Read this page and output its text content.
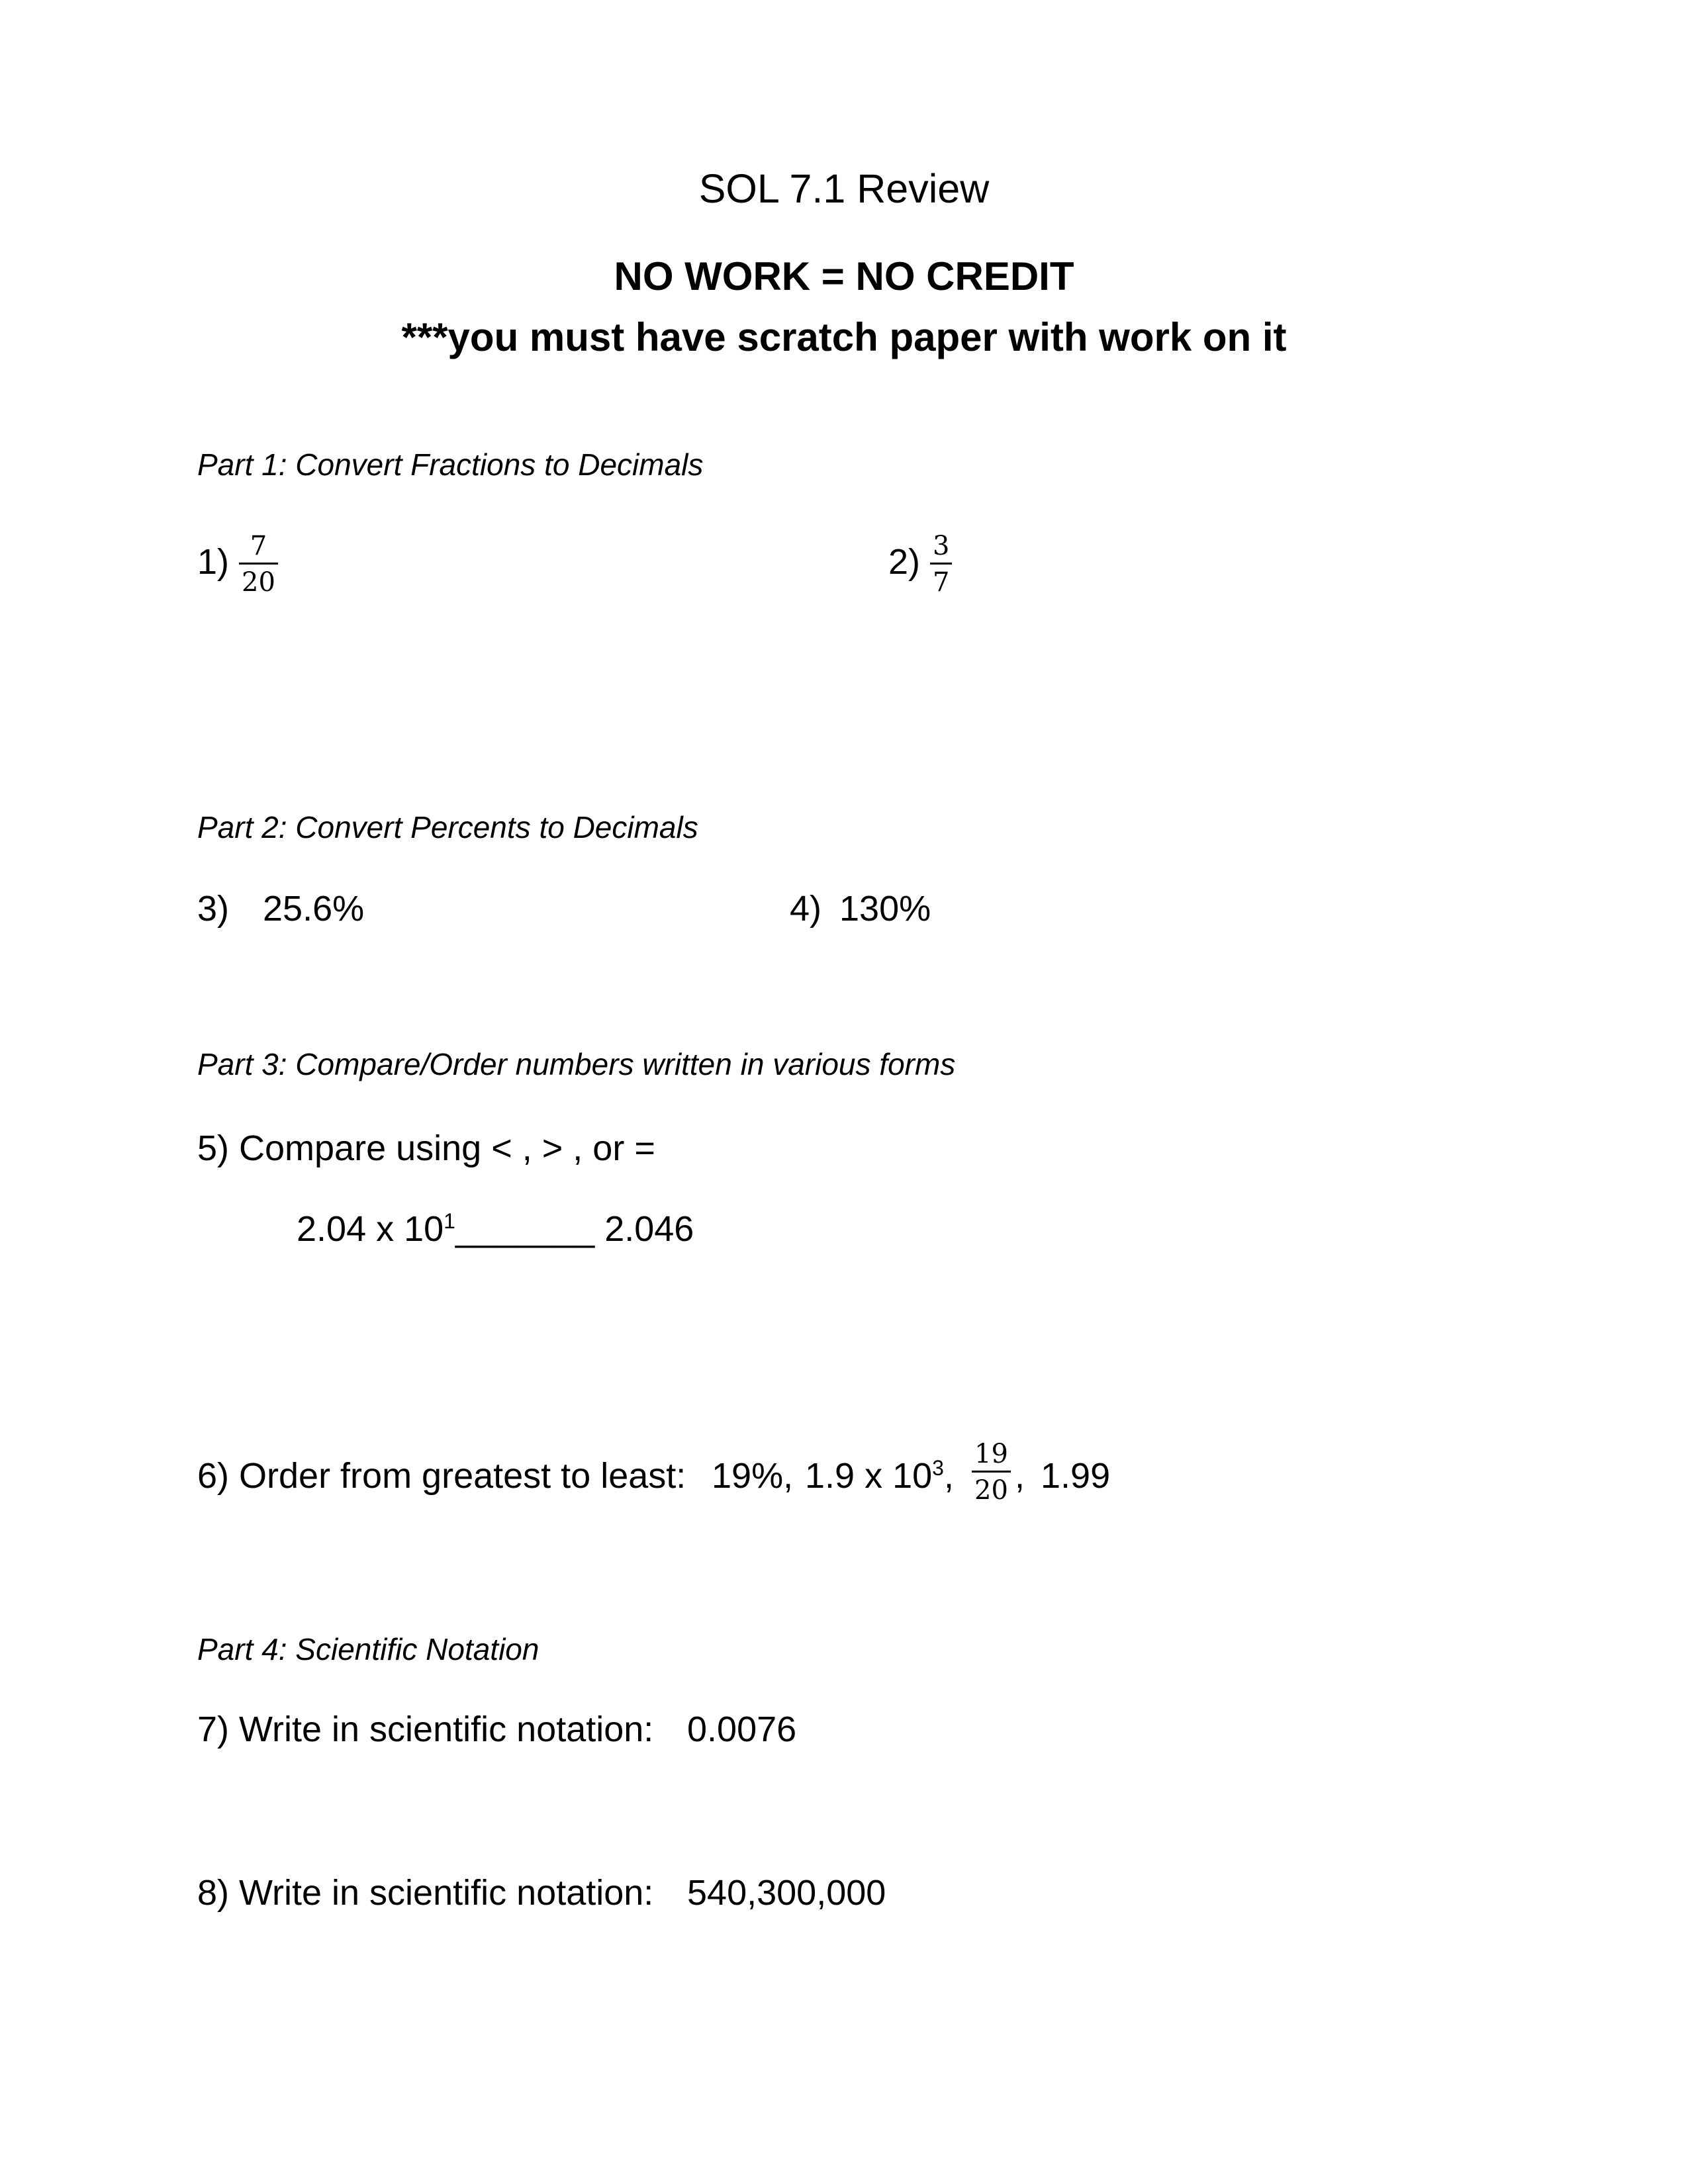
SOL 7.1 Review
NO WORK = NO CREDIT
***you must have scratch paper with work on it
Part 1: Convert Fractions to Decimals
$1) \frac{7}{20}$	$2) \frac{3}{7}$
Part 2: Convert Percents to Decimals
3) 25.6%	4) 130%
Part 3: Compare/Order numbers written in various forms
5) Compare using < , > , or =
2.04 x $10^1\_\_\_\_\_\_\_$ 2.046
6) Order from greatest to least: 19%, 1.9 x $10^3$, $\frac{19}{20}$ , 1.99
Part 4: Scientific Notation
7) Write in scientific notation: 0.0076
8) Write in scientific notation: 540,300,000
